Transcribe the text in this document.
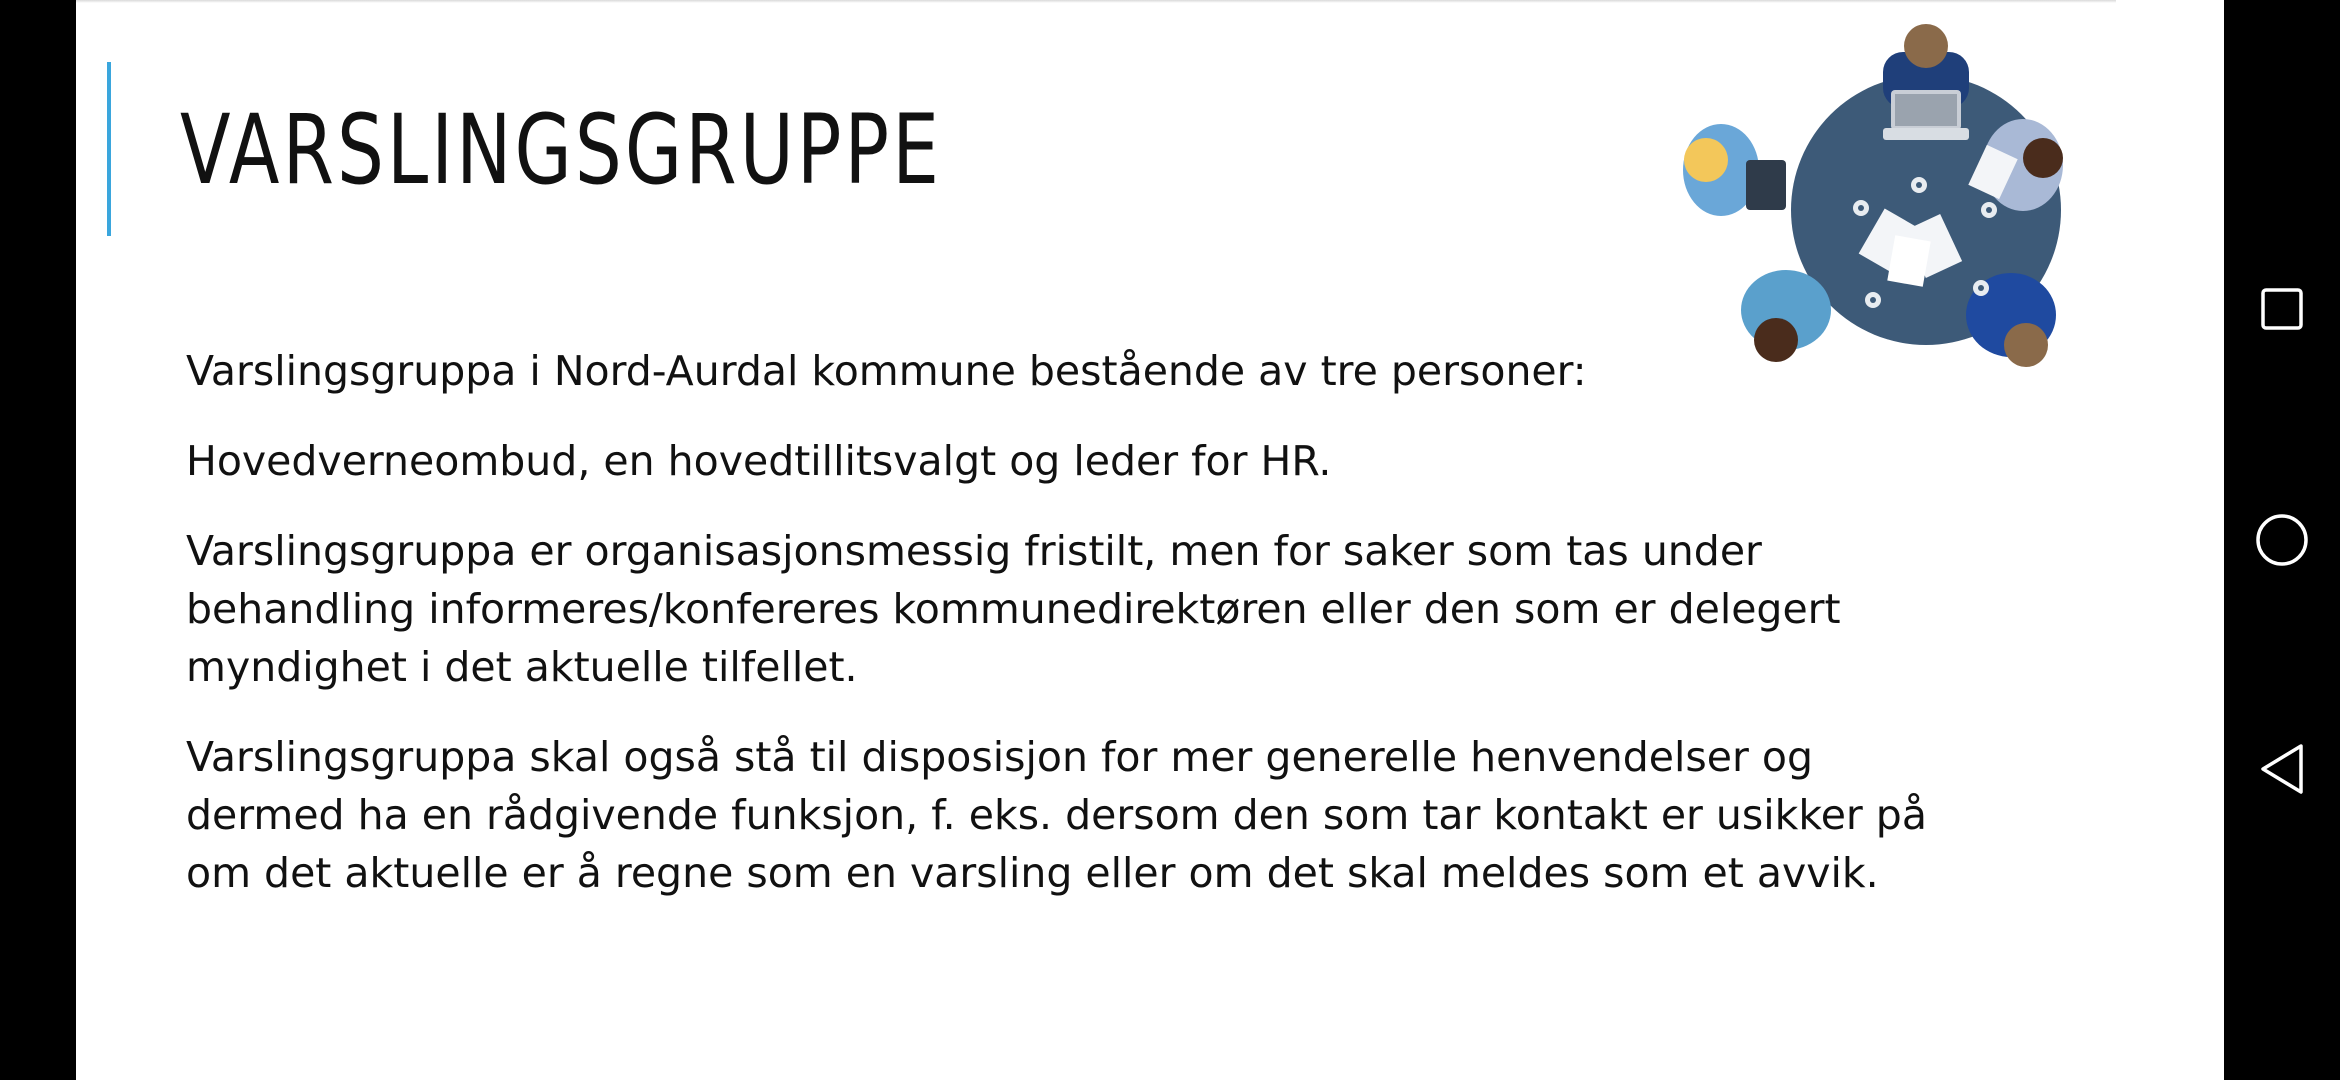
VARSLINGSGRUPPE

Varslingsgruppa i Nord-Aurdal kommune bestående av tre personer:

Hovedverneombud, en hovedtillitsvalgt og leder for HR.

Varslingsgruppa er organisasjonsmessig fristilt, men for saker som tas under
behandling informeres/konfereres kommunedirektøren eller den som er delegert
myndighet i det aktuelle tilfellet.

Varslingsgruppa skal også stå til disposisjon for mer generelle henvendelser og
dermed ha en rådgivende funksjon, f. eks. dersom den som tar kontakt er usikker på
om det aktuelle er å regne som en varsling eller om det skal meldes som et avvik.
